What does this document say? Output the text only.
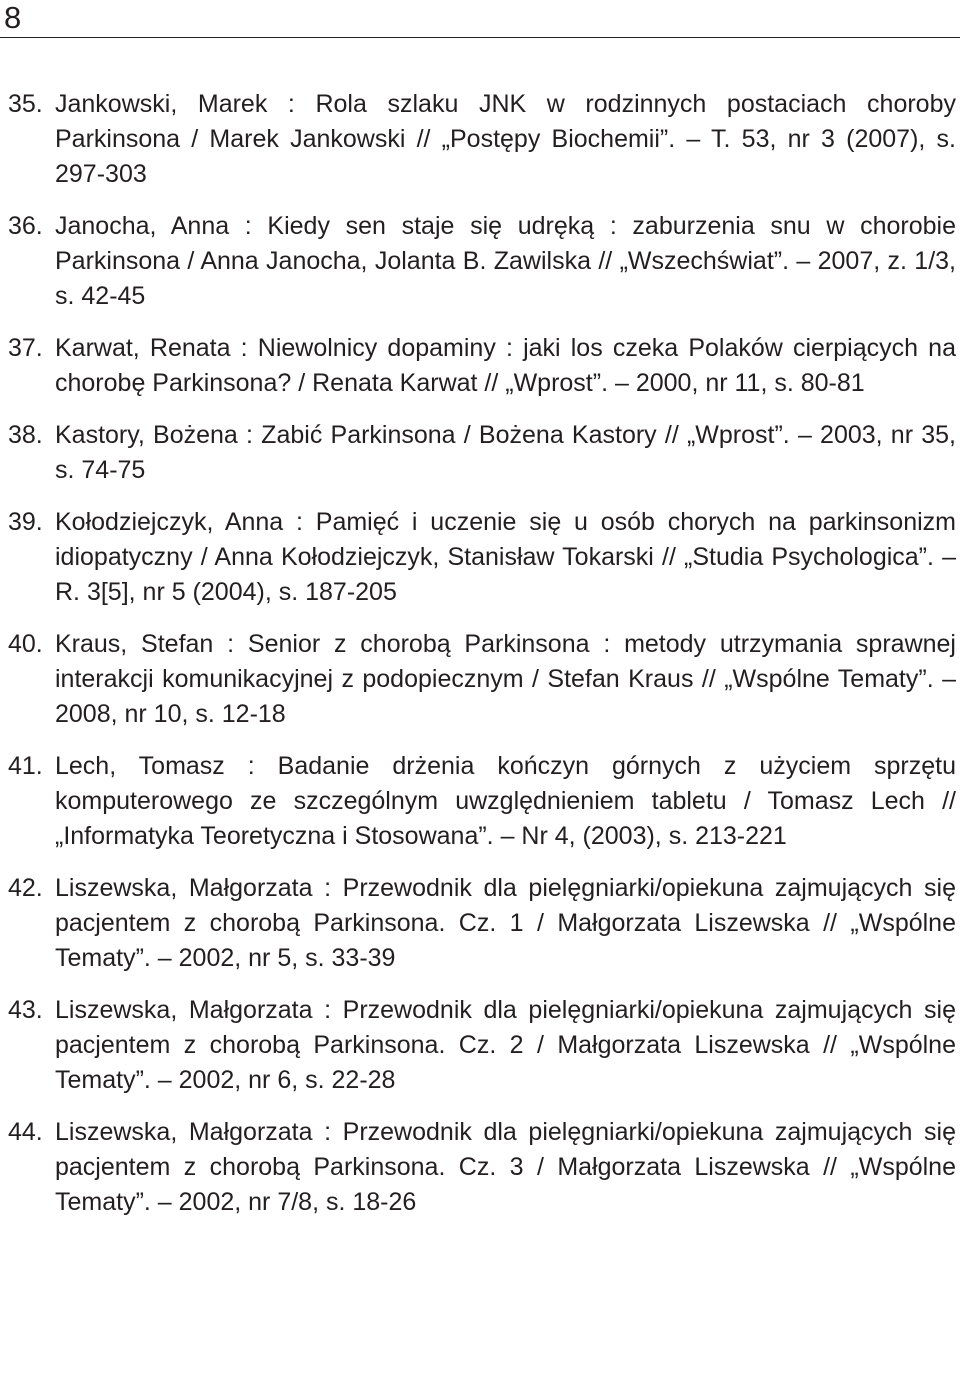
8
35. Jankowski, Marek : Rola szlaku JNK w rodzinnych postaciach choroby Parkinsona / Marek Jankowski // „Postępy Biochemii”. – T. 53, nr 3 (2007), s. 297-303
36. Janocha, Anna : Kiedy sen staje się udręką : zaburzenia snu w chorobie Parkinsona / Anna Janocha, Jolanta B. Zawilska // „Wszechświat”. – 2007, z. 1/3, s. 42-45
37. Karwat, Renata : Niewolnicy dopaminy : jaki los czeka Polaków cierpiących na chorobę Parkinsona? / Renata Karwat // „Wprost”. – 2000, nr 11, s. 80-81
38. Kastory, Bożena : Zabić Parkinsona / Bożena Kastory // „Wprost”. – 2003, nr 35, s. 74-75
39. Kołodziejczyk, Anna : Pamięć i uczenie się u osób chorych na parkinsonizm idiopatyczny / Anna Kołodziejczyk, Stanisław Tokarski // „Studia Psychologica”. – R. 3[5], nr 5 (2004), s. 187-205
40. Kraus, Stefan : Senior z chorobą Parkinsona : metody utrzymania sprawnej interakcji komunikacyjnej z podopiecznym / Stefan Kraus // „Wspólne Tematy”. – 2008, nr 10, s. 12-18
41. Lech, Tomasz : Badanie drżenia kończyn górnych z użyciem sprzętu komputerowego ze szczególnym uwzględnieniem tabletu / Tomasz Lech // „Informatyka Teoretyczna i Stosowana”. – Nr 4, (2003), s. 213-221
42. Liszewska, Małgorzata : Przewodnik dla pielęgniarki/opiekuna zajmujących się pacjentem z chorobą Parkinsona. Cz. 1 / Małgorzata Liszewska // „Wspólne Tematy”. – 2002, nr 5, s. 33-39
43. Liszewska, Małgorzata : Przewodnik dla pielęgniarki/opiekuna zajmujących się pacjentem z chorobą Parkinsona. Cz. 2 / Małgorzata Liszewska // „Wspólne Tematy”. – 2002, nr 6, s. 22-28
44. Liszewska, Małgorzata : Przewodnik dla pielęgniarki/opiekuna zajmujących się pacjentem z chorobą Parkinsona. Cz. 3 / Małgorzata Liszewska // „Wspólne Tematy”. – 2002, nr 7/8, s. 18-26
